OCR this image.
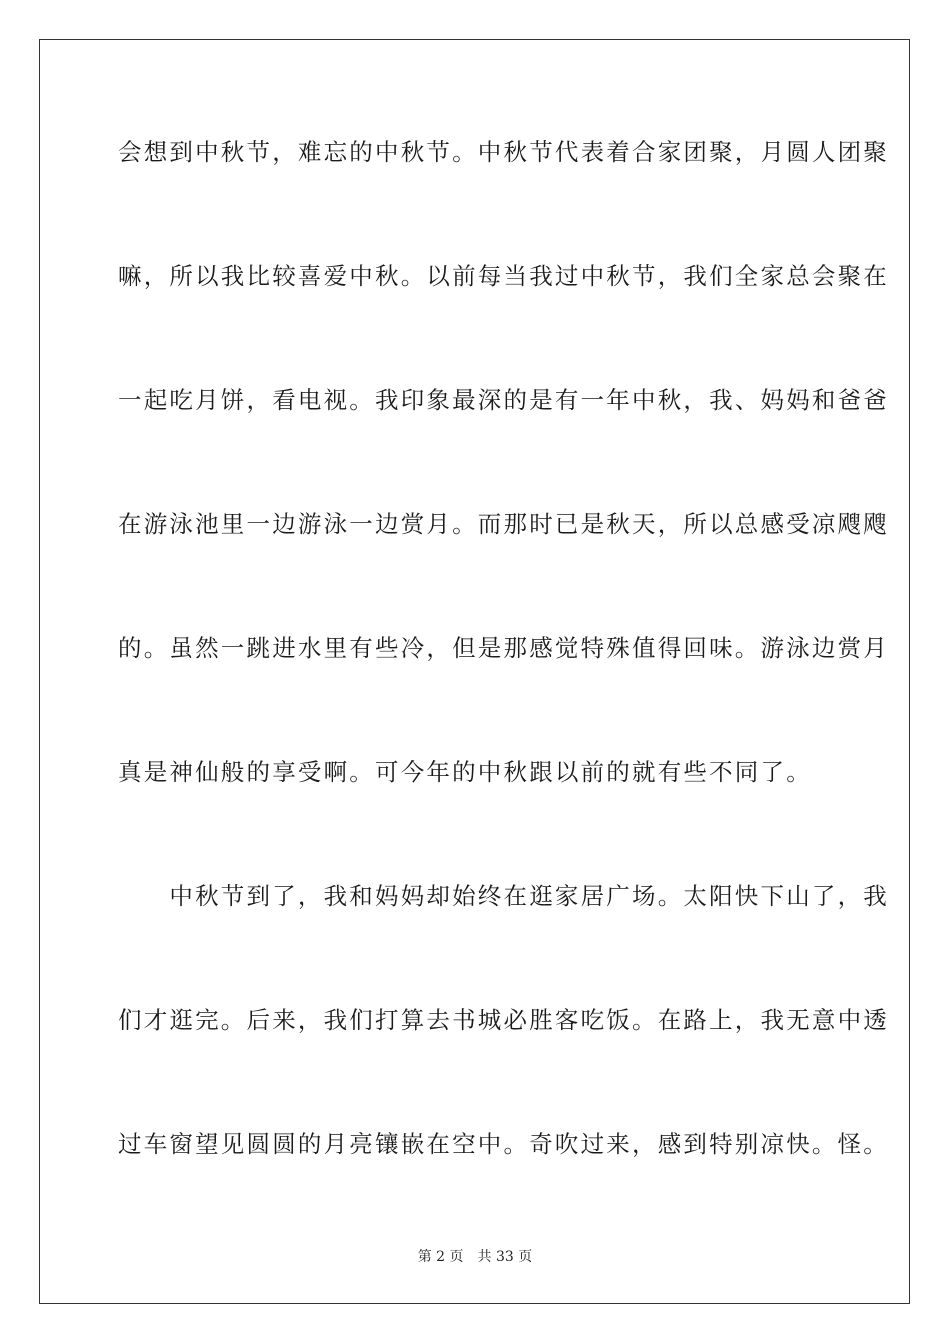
会想到中秋节，难忘的中秋节。中秋节代表着合家团聚，月圆人团聚
嘛，所以我比较喜爱中秋。以前每当我过中秋节，我们全家总会聚在
一起吃月饼，看电视。我印象最深的是有一年中秋，我、妈妈和爸爸
在游泳池里一边游泳一边赏月。而那时已是秋天，所以总感受凉飕飕
的。虽然一跳进水里有些冷，但是那感觉特殊值得回味。游泳边赏月
真是神仙般的享受啊。可今年的中秋跟以前的就有些不同了。
　　中秋节到了，我和妈妈却始终在逛家居广场。太阳快下山了，我
们才逛完。后来，我们打算去书城必胜客吃饭。在路上，我无意中透
过车窗望见圆圆的月亮镶嵌在空中。奇吹过来，感到特别凉快。怪。
第 2 页 共 33 页
